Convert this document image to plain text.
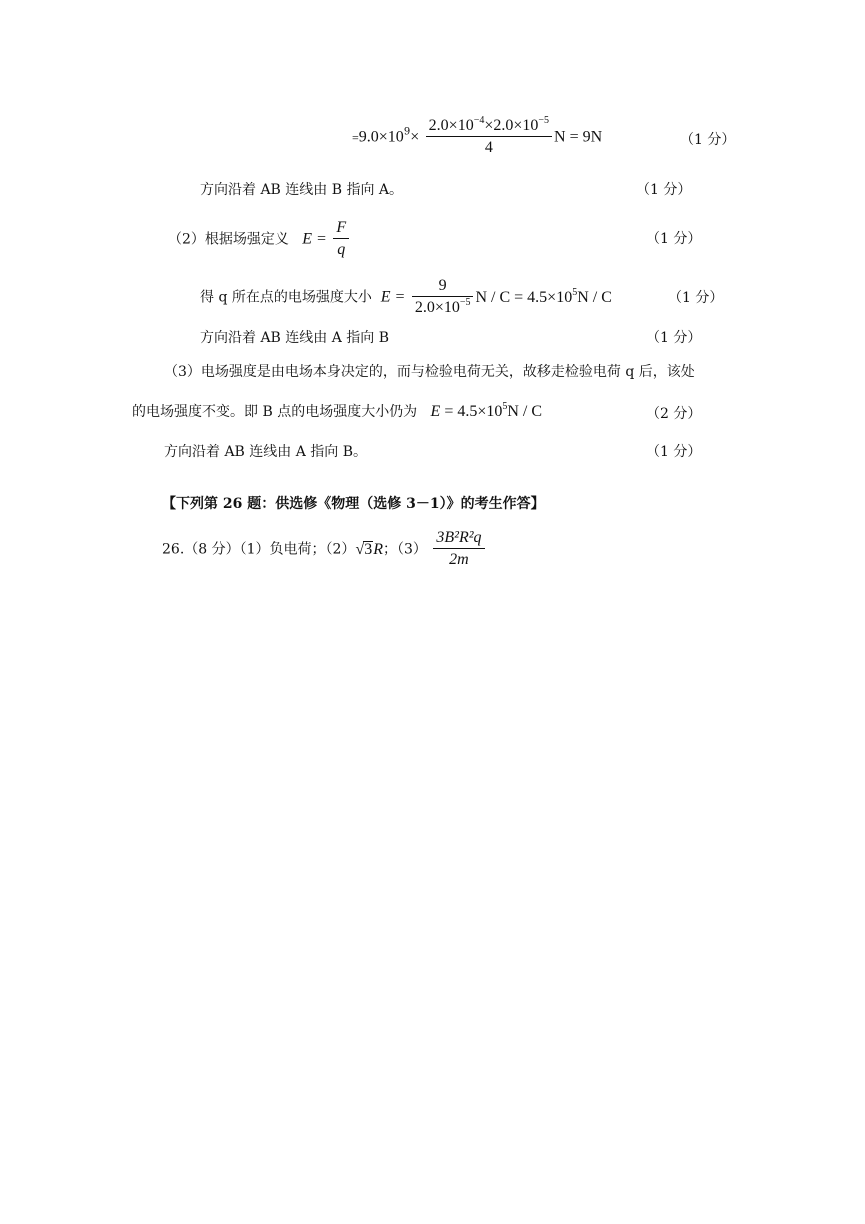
$=9.0\times 10^9\times \frac{2.0\times 10^{-4}\times 2.0\times 10^{-5}}{4}$ N = 9N	（1 分）
方向沿着 AB 连线由 B 指向 A。	（1 分）
（2）根据场强定义 $E = \frac{F}{q}$	（1 分）
得 q 所在点的电场强度大小 $E = \frac{9}{2.0\times 10^{-5}}$ $N / C = 4.5\times 10^5N / C$	（1 分）
方向沿着 AB 连线由 A 指向 B	（1 分）
（3）电场强度是由电场本身决定的，而与检验电荷无关，故移走检验电荷 q 后，该处
的电场强度不变。即 B 点的电场强度大小仍为 $E = 4.5\times 10^5N / C$	（2 分）
方向沿着 AB 连线由 A 指向 B。	（1 分）
【下列第 26 题：供选修《物理（选修 3－1）》的考生作答】
26.（8 分）（1）负电荷；（2）√3R；$(3) \frac{\text{3B²R²q}}{2m}$
